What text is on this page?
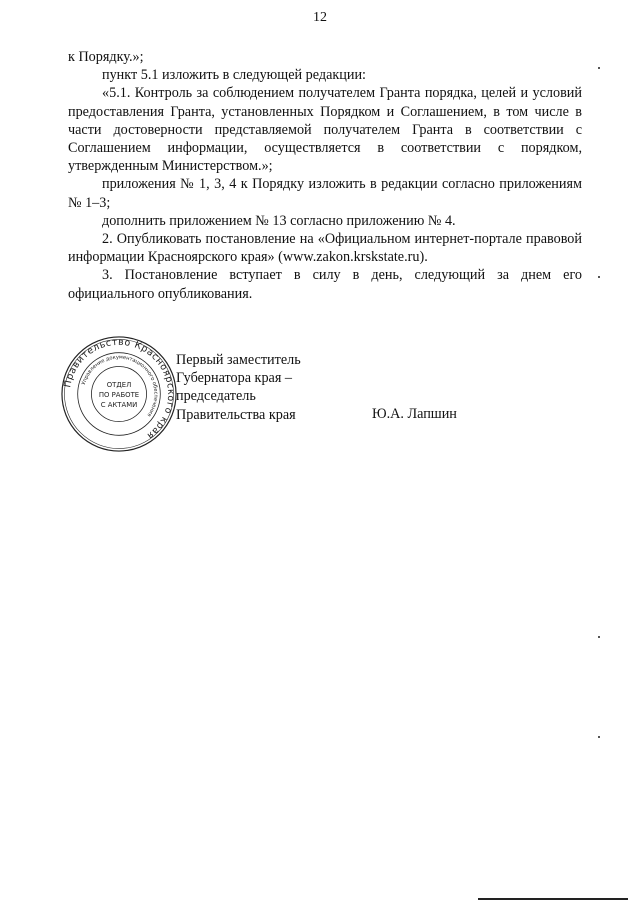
12

к Порядку.»;

пункт 5.1 изложить в следующей редакции:

«5.1. Контроль за соблюдением получателем Гранта порядка, целей и условий предоставления Гранта, установленных Порядком и Соглашением, в том числе в части достоверности представляемой получателем Гранта в соответствии с Соглашением информации, осуществляется в соответствии с порядком, утвержденным Министерством.»;

приложения № 1, 3, 4 к Порядку изложить в редакции согласно приложениям № 1–3;

дополнить приложением № 13 согласно приложению № 4.

2. Опубликовать постановление на «Официальном интернет-портале правовой информации Красноярского края» (www.zakon.krskstate.ru).

3. Постановление вступает в силу в день, следующий за днем его официального опубликования.

Правительство Красноярского края
Управление документационного обеспечения
ОТДЕЛ
ПО РАБОТЕ
С АКТАМИ
Первый заместитель
Губернатора края –
председатель
Правительства края	Ю.А. Лапшин
